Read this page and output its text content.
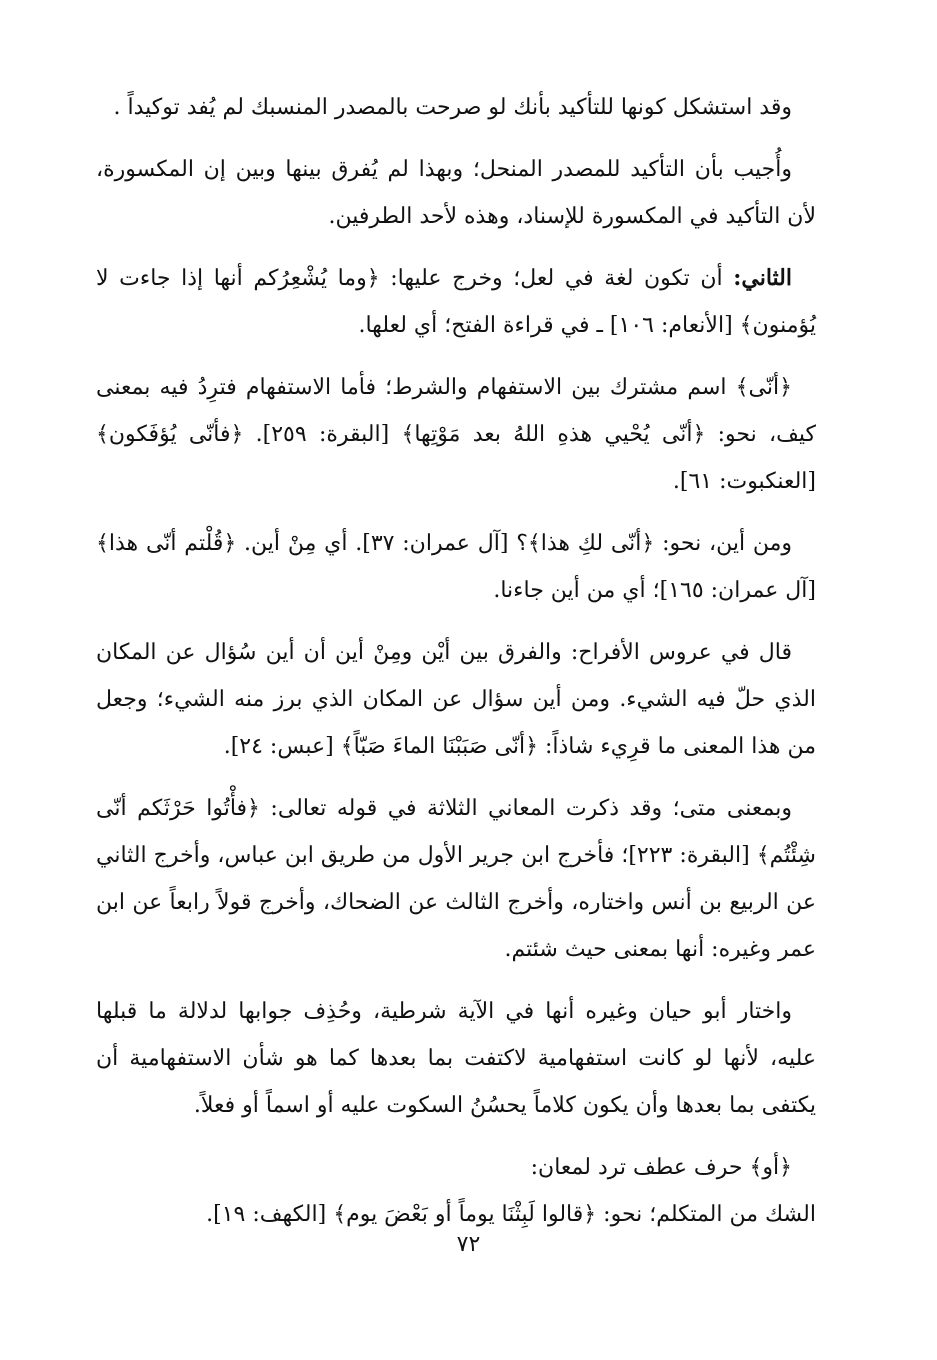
وقد استشكل كونها للتأكيد بأنك لو صرحت بالمصدر المنسبك لم يُفد توكيداً .

وأُجيب بأن التأكيد للمصدر المنحل؛ وبهذا لم يُفرق بينها وبين إن المكسورة، لأن التأكيد في المكسورة للإسناد، وهذه لأحد الطرفين.

الثاني: أن تكون لغة في لعل؛ وخرج عليها: ﴿وما يُشْعِرُكم أنها إذا جاءت لا يُؤمنون﴾ [الأنعام: ١٠٦] ـ في قراءة الفتح؛ أي لعلها.

﴿أنّى﴾ اسم مشترك بين الاستفهام والشرط؛ فأما الاستفهام فترِدُ فيه بمعنى كيف، نحو: ﴿أنّى يُحْيي هذهِ اللهُ بعد مَوْتِها﴾ [البقرة: ٢٥٩]. ﴿فأنّى يُؤفَكون﴾ [العنكبوت: ٦١].

ومن أين، نحو: ﴿أنّى لكِ هذا﴾؟ [آل عمران: ٣٧]. أي مِنْ أين. ﴿قُلْتم أنّى هذا﴾ [آل عمران: ١٦٥]؛ أي من أين جاءنا.

قال في عروس الأفراح: والفرق بين أيْن ومِنْ أين أن أين سُؤال عن المكان الذي حلّ فيه الشيء. ومن أين سؤال عن المكان الذي برز منه الشيء؛ وجعل من هذا المعنى ما قرِيء شاذاً: ﴿أنّى صَبَبْنَا الماءَ صَبّاً﴾ [عبس: ٢٤].

وبمعنى متى؛ وقد ذكرت المعاني الثلاثة في قوله تعالى: ﴿فأْتُوا حَرْثَكم أنّى شِئْتُم﴾ [البقرة: ٢٢٣]؛ فأخرج ابن جرير الأول من طريق ابن عباس، وأخرج الثاني عن الربيع بن أنس واختاره، وأخرج الثالث عن الضحاك، وأخرج قولاً رابعاً عن ابن عمر وغيره: أنها بمعنى حيث شئتم.

واختار أبو حيان وغيره أنها في الآية شرطية، وحُذِف جوابها لدلالة ما قبلها عليه، لأنها لو كانت استفهامية لاكتفت بما بعدها كما هو شأن الاستفهامية أن يكتفى بما بعدها وأن يكون كلاماً يحسُنُ السكوت عليه أو اسماً أو فعلاً.

﴿أو﴾ حرف عطف ترد لمعان:

الشك من المتكلم؛ نحو: ﴿قالوا لَبِثْنَا يوماً أو بَعْضَ يوم﴾ [الكهف: ١٩].

٧٢
